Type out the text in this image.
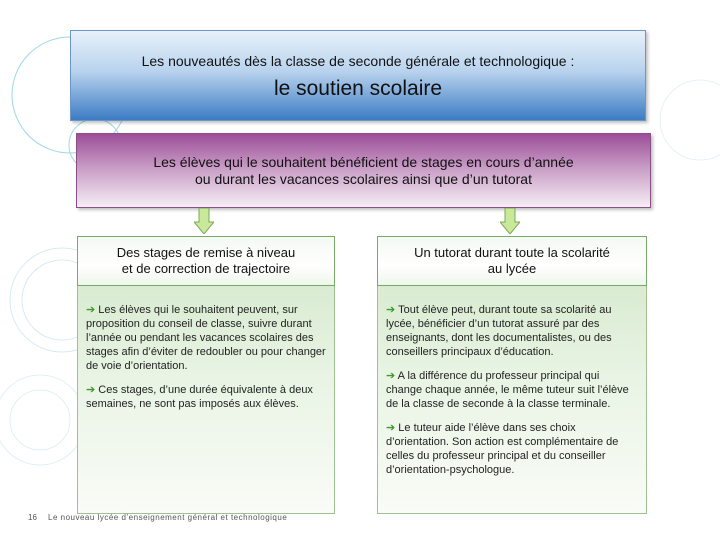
Les nouveautés dès la classe de seconde générale et technologique :
le soutien scolaire
Les élèves qui le souhaitent bénéficient de stages en cours d’année
ou durant les vacances scolaires ainsi que d’un tutorat
Des stages de remise à niveau
et de correction de trajectoire

➔ Les élèves qui le souhaitent peuvent, sur proposition du conseil de classe, suivre durant l’année ou pendant les vacances scolaires des stages afin d’éviter de redoubler ou pour changer de voie d’orientation.

➔ Ces stages, d’une durée équivalente à deux semaines, ne sont pas imposés aux élèves.

Un tutorat durant toute la scolarité
au lycée

➔ Tout élève peut, durant toute sa scolarité au lycée, bénéficier d’un tutorat assuré par des enseignants, dont les documentalistes, ou des conseillers principaux d’éducation.

➔ A la différence du professeur principal qui change chaque année, le même tuteur suit l’élève de la classe de seconde à la classe terminale.

➔ Le tuteur aide l’élève dans ses choix d’orientation. Son action est complémentaire de celles du professeur principal et du conseiller d’orientation-psychologue.

16 Le nouveau lycée d’enseignement général et technologique
